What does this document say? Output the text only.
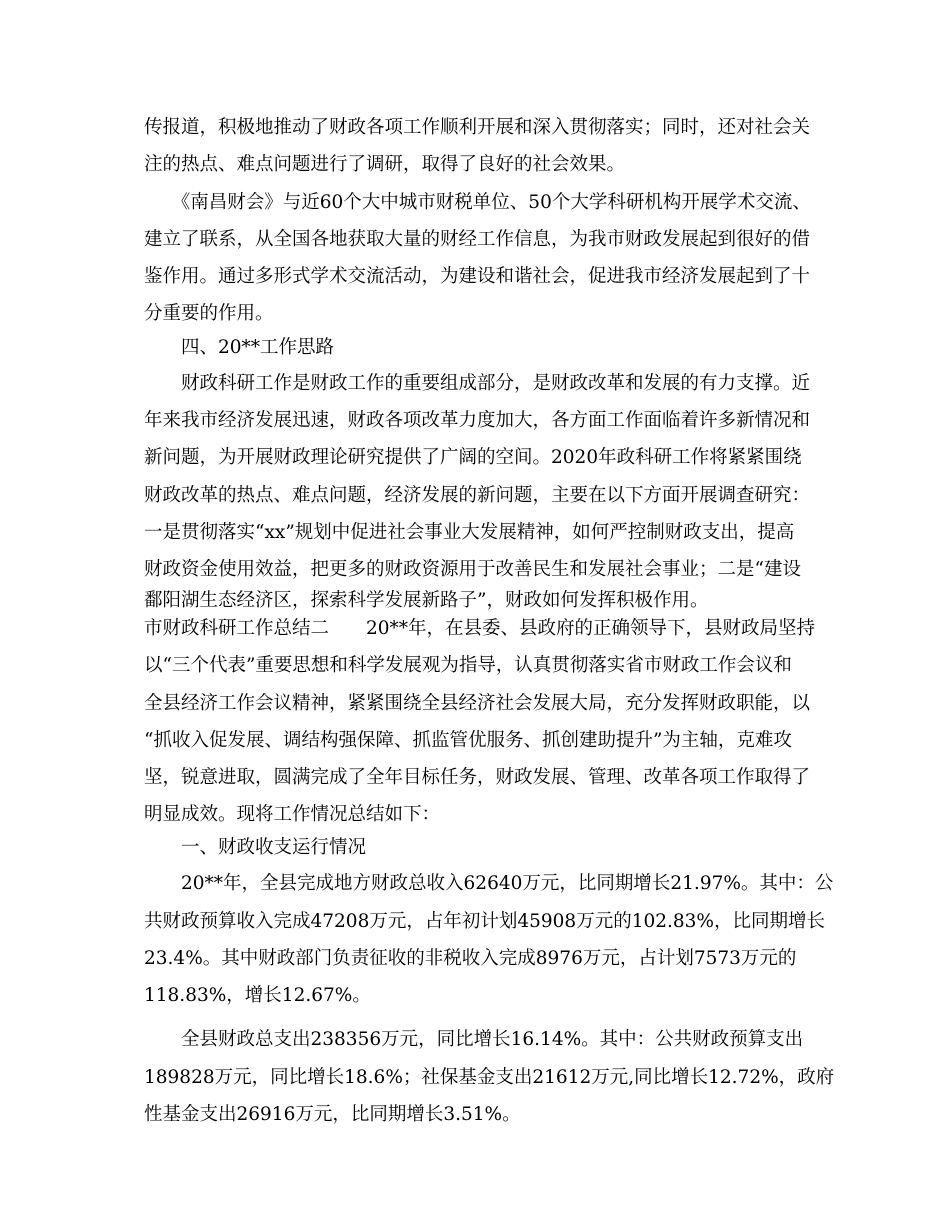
传报道，积极地推动了财政各项工作顺利开展和深入贯彻落实；同时，还对社会关
注的热点、难点问题进行了调研，取得了良好的社会效果。
　　《南昌财会》与近60个大中城市财税单位、50个大学科研机构开展学术交流、
建立了联系，从全国各地获取大量的财经工作信息，为我市财政发展起到很好的借
鉴作用。通过多形式学术交流活动，为建设和谐社会，促进我市经济发展起到了十
分重要的作用。
　　四、20**工作思路
　　财政科研工作是财政工作的重要组成部分，是财政改革和发展的有力支撑。近
年来我市经济发展迅速，财政各项改革力度加大，各方面工作面临着许多新情况和
新问题，为开展财政理论研究提供了广阔的空间。2020年政科研工作将紧紧围绕
财政改革的热点、难点问题，经济发展的新问题，主要在以下方面开展调查研究：
一是贯彻落实“xx”规划中促进社会事业大发展精神，如何严控制财政支出，提高
财政资金使用效益，把更多的财政资源用于改善民生和发展社会事业；二是“建设
鄱阳湖生态经济区，探索科学发展新路子”，财政如何发挥积极作用。
市财政科研工作总结二　　20**年，在县委、县政府的正确领导下，县财政局坚持
以“三个代表”重要思想和科学发展观为指导，认真贯彻落实省市财政工作会议和
全县经济工作会议精神，紧紧围绕全县经济社会发展大局，充分发挥财政职能，以
“抓收入促发展、调结构强保障、抓监管优服务、抓创建助提升”为主轴，克难攻
坚，锐意进取，圆满完成了全年目标任务，财政发展、管理、改革各项工作取得了
明显成效。现将工作情况总结如下：
　　一、财政收支运行情况
　　20**年，全县完成地方财政总收入62640万元，比同期增长21.97%。其中：公
共财政预算收入完成47208万元，占年初计划45908万元的102.83%，比同期增长
23.4%。其中财政部门负责征收的非税收入完成8976万元，占计划7573万元的
118.83%，增长12.67%。
　　全县财政总支出238356万元，同比增长16.14%。其中：公共财政预算支出
189828万元，同比增长18.6%；社保基金支出21612万元,同比增长12.72%，政府
性基金支出26916万元，比同期增长3.51%。
